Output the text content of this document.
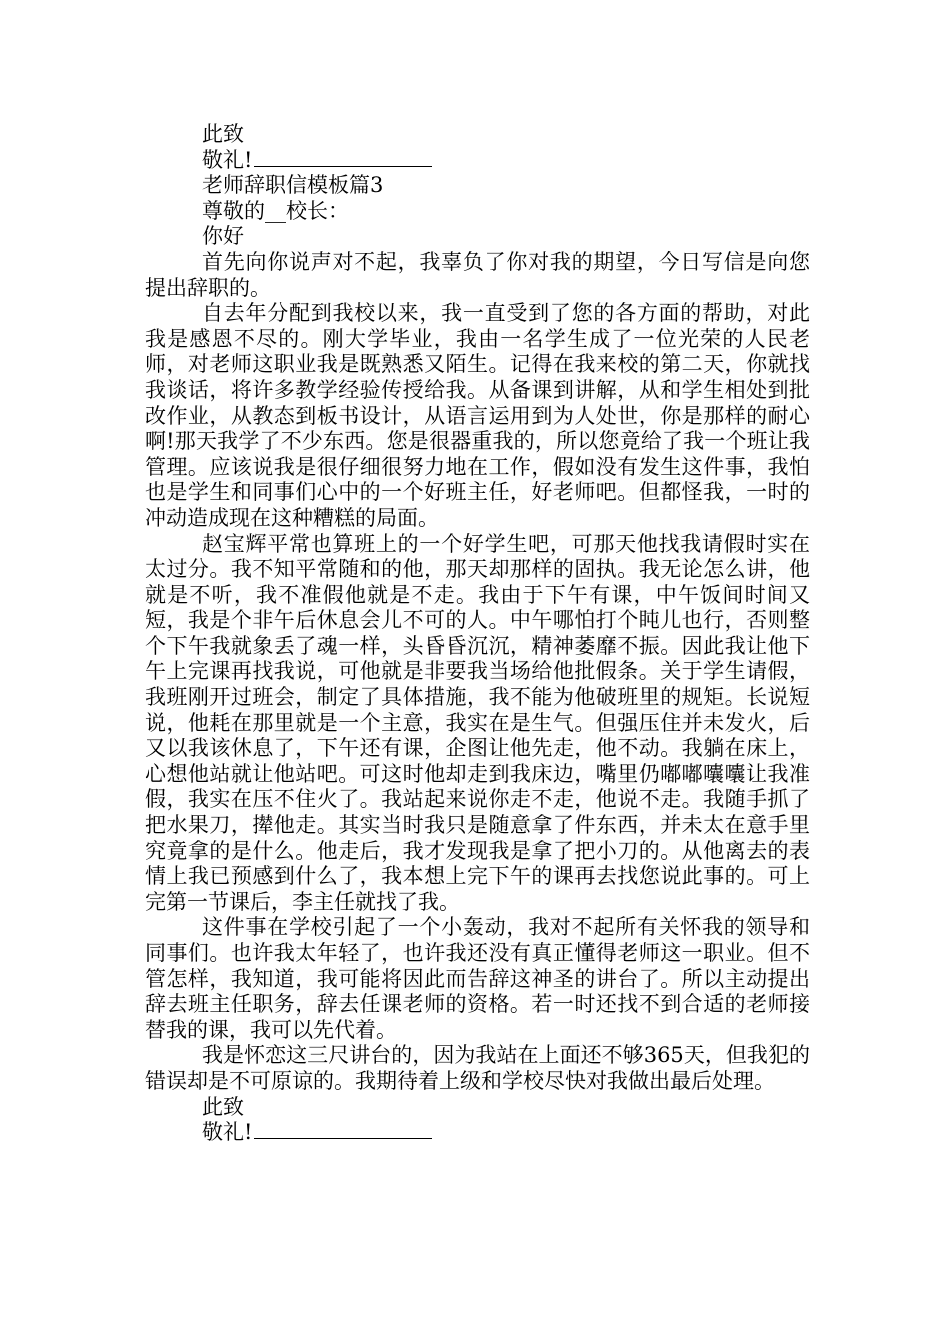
此致
敬礼!
老师辞职信模板篇3
尊敬的__校长：
你好

首先向你说声对不起，我辜负了你对我的期望，今日写信是向您提出辞职的。

自去年分配到我校以来，我一直受到了您的各方面的帮助，对此我是感恩不尽的。刚大学毕业，我由一名学生成了一位光荣的人民老师，对老师这职业我是既熟悉又陌生。记得在我来校的第二天，你就找我谈话，将许多教学经验传授给我。从备课到讲解，从和学生相处到批改作业，从教态到板书设计，从语言运用到为人处世，你是那样的耐心啊!那天我学了不少东西。您是很器重我的，所以您竟给了我一个班让我管理。应该说我是很仔细很努力地在工作，假如没有发生这件事，我怕也是学生和同事们心中的一个好班主任，好老师吧。但都怪我，一时的冲动造成现在这种糟糕的局面。

赵宝辉平常也算班上的一个好学生吧，可那天他找我请假时实在太过分。我不知平常随和的他，那天却那样的固执。我无论怎么讲，他就是不听，我不准假他就是不走。我由于下午有课，中午饭间时间又短，我是个非午后休息会儿不可的人。中午哪怕打个盹儿也行，否则整个下午我就象丢了魂一样，头昏昏沉沉，精神萎靡不振。因此我让他下午上完课再找我说，可他就是非要我当场给他批假条。关于学生请假，我班刚开过班会，制定了具体措施，我不能为他破班里的规矩。长说短说，他耗在那里就是一个主意，我实在是生气。但强压住并未发火，后又以我该休息了，下午还有课，企图让他先走，他不动。我躺在床上，心想他站就让他站吧。可这时他却走到我床边，嘴里仍嘟嘟囔囔让我准假，我实在压不住火了。我站起来说你走不走，他说不走。我随手抓了把水果刀，撵他走。其实当时我只是随意拿了件东西，并未太在意手里究竟拿的是什么。他走后，我才发现我是拿了把小刀的。从他离去的表情上我已预感到什么了，我本想上完下午的课再去找您说此事的。可上完第一节课后，李主任就找了我。

这件事在学校引起了一个小轰动，我对不起所有关怀我的领导和同事们。也许我太年轻了，也许我还没有真正懂得老师这一职业。但不管怎样，我知道，我可能将因此而告辞这神圣的讲台了。所以主动提出辞去班主任职务，辞去任课老师的资格。若一时还找不到合适的老师接替我的课，我可以先代着。

我是怀恋这三尺讲台的，因为我站在上面还不够365天，但我犯的错误却是不可原谅的。我期待着上级和学校尽快对我做出最后处理。

此致
敬礼!
